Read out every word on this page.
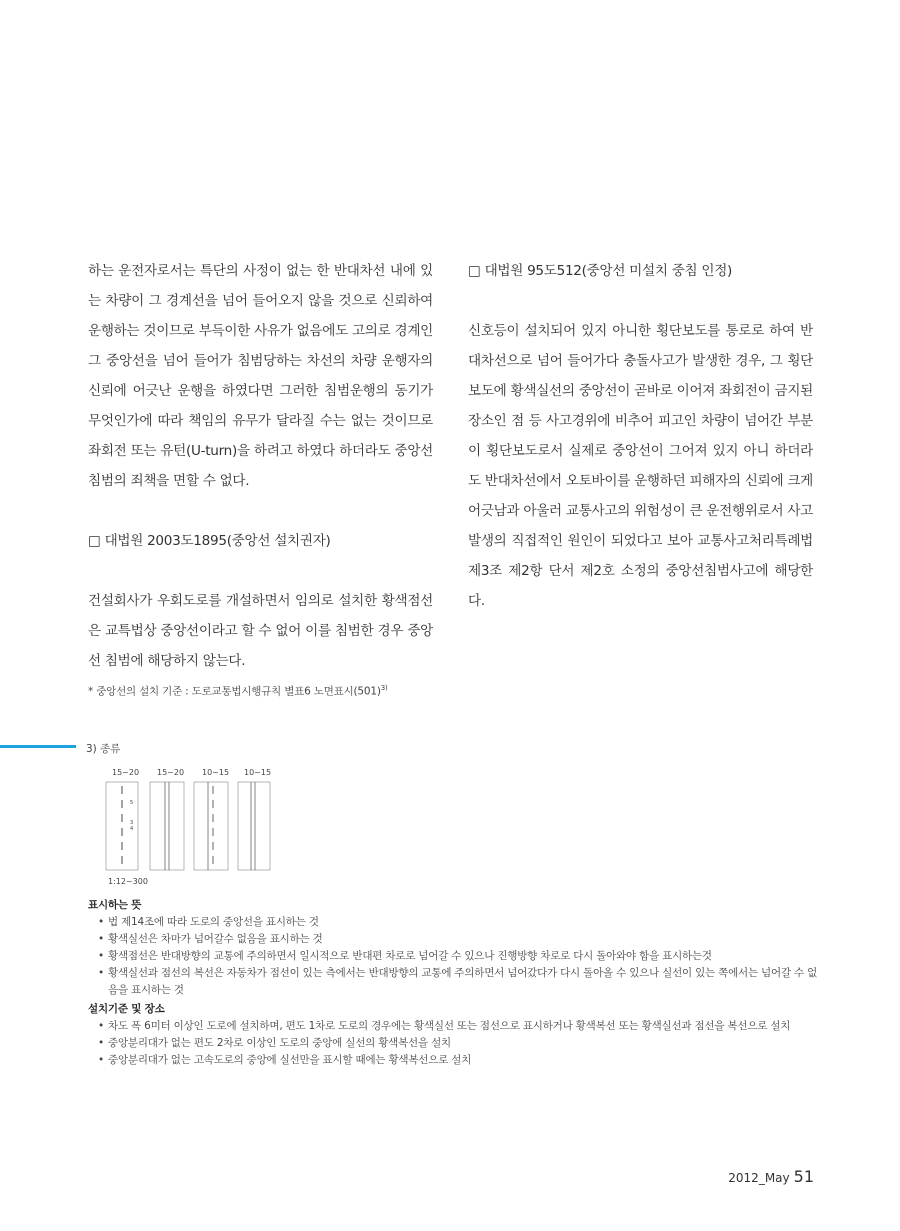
하는 운전자로서는 특단의 사정이 없는 한 반대차선 내에 있는 차량이 그 경계선을 넘어 들어오지 않을 것으로 신뢰하여 운행하는 것이므로 부득이한 사유가 없음에도 고의로 경계인 그 중앙선을 넘어 들어가 침범당하는 차선의 차량 운행자의 신뢰에 어긋난 운행을 하였다면 그러한 침범운행의 동기가 무엇인가에 따라 책임의 유무가 달라질 수는 없는 것이므로 좌회전 또는 유턴(U-turn)을 하려고 하였다 하더라도 중앙선 침범의 죄책을 면할 수 없다.

□ 대법원 2003도1895(중앙선 설치권자)

건설회사가 우회도로를 개설하면서 임의로 설치한 황색점선은 교특법상 중앙선이라고 할 수 없어 이를 침범한 경우 중앙선 침범에 해당하지 않는다.

* 중앙선의 설치 기준 : 도로교통법시행규칙 별표6 노면표시$(501)^{3)}$

□ 대법원 95도512(중앙선 미설치 중침 인정)

신호등이 설치되어 있지 아니한 횡단보도를 통로로 하여 반대차선으로 넘어 들어가다 충돌사고가 발생한 경우, 그 횡단보도에 황색실선의 중앙선이 곧바로 이어져 좌회전이 금지된 장소인 점 등 사고경위에 비추어 피고인 차량이 넘어간 부분이 횡단보도로서 실제로 중앙선이 그어져 있지 아니 하더라도 반대차선에서 오토바이를 운행하던 피해자의 신뢰에 크게 어긋남과 아울러 교통사고의 위험성이 큰 운전행위로서 사고발생의 직접적인 원인이 되었다고 보아 교통사고처리특례법 제3조 제2항 단서 제2호 소정의 중앙선침범사고에 해당한다.

3) 종류
15~20 15~20 10~15 10~15
5
3
4
1:12~300
표시하는 뜻
• 법 제14조에 따라 도로의 중앙선을 표시하는 것
• 황색실선은 차마가 넘어갈수 없음을 표시하는 것
• 황색점선은 반대방향의 교통에 주의하면서 일시적으로 반대편 차로로 넘어갈 수 있으나 진행방향 차로로 다시 돌아와야 함을 표시하는것
• 황색실선과 점선의 복선은 자동차가 점선이 있는 측에서는 반대방향의 교통에 주의하면서 넘어갔다가 다시 돌아올 수 있으나 실선이 있는 쪽에서는 넘어갈 수 없음을 표시하는 것
설치기준 및 장소
• 차도 폭 6미터 이상인 도로에 설치하며, 편도 1차로 도로의 경우에는 황색실선 또는 점선으로 표시하거나 황색복선 또는 황색실선과 점선을 복선으로 설치
• 중앙분리대가 없는 편도 2차로 이상인 도로의 중앙에 실선의 황색복선을 설치
• 중앙분리대가 없는 고속도로의 중앙에 실선만을 표시할 때에는 황색복선으로 설치
2012_May 51
